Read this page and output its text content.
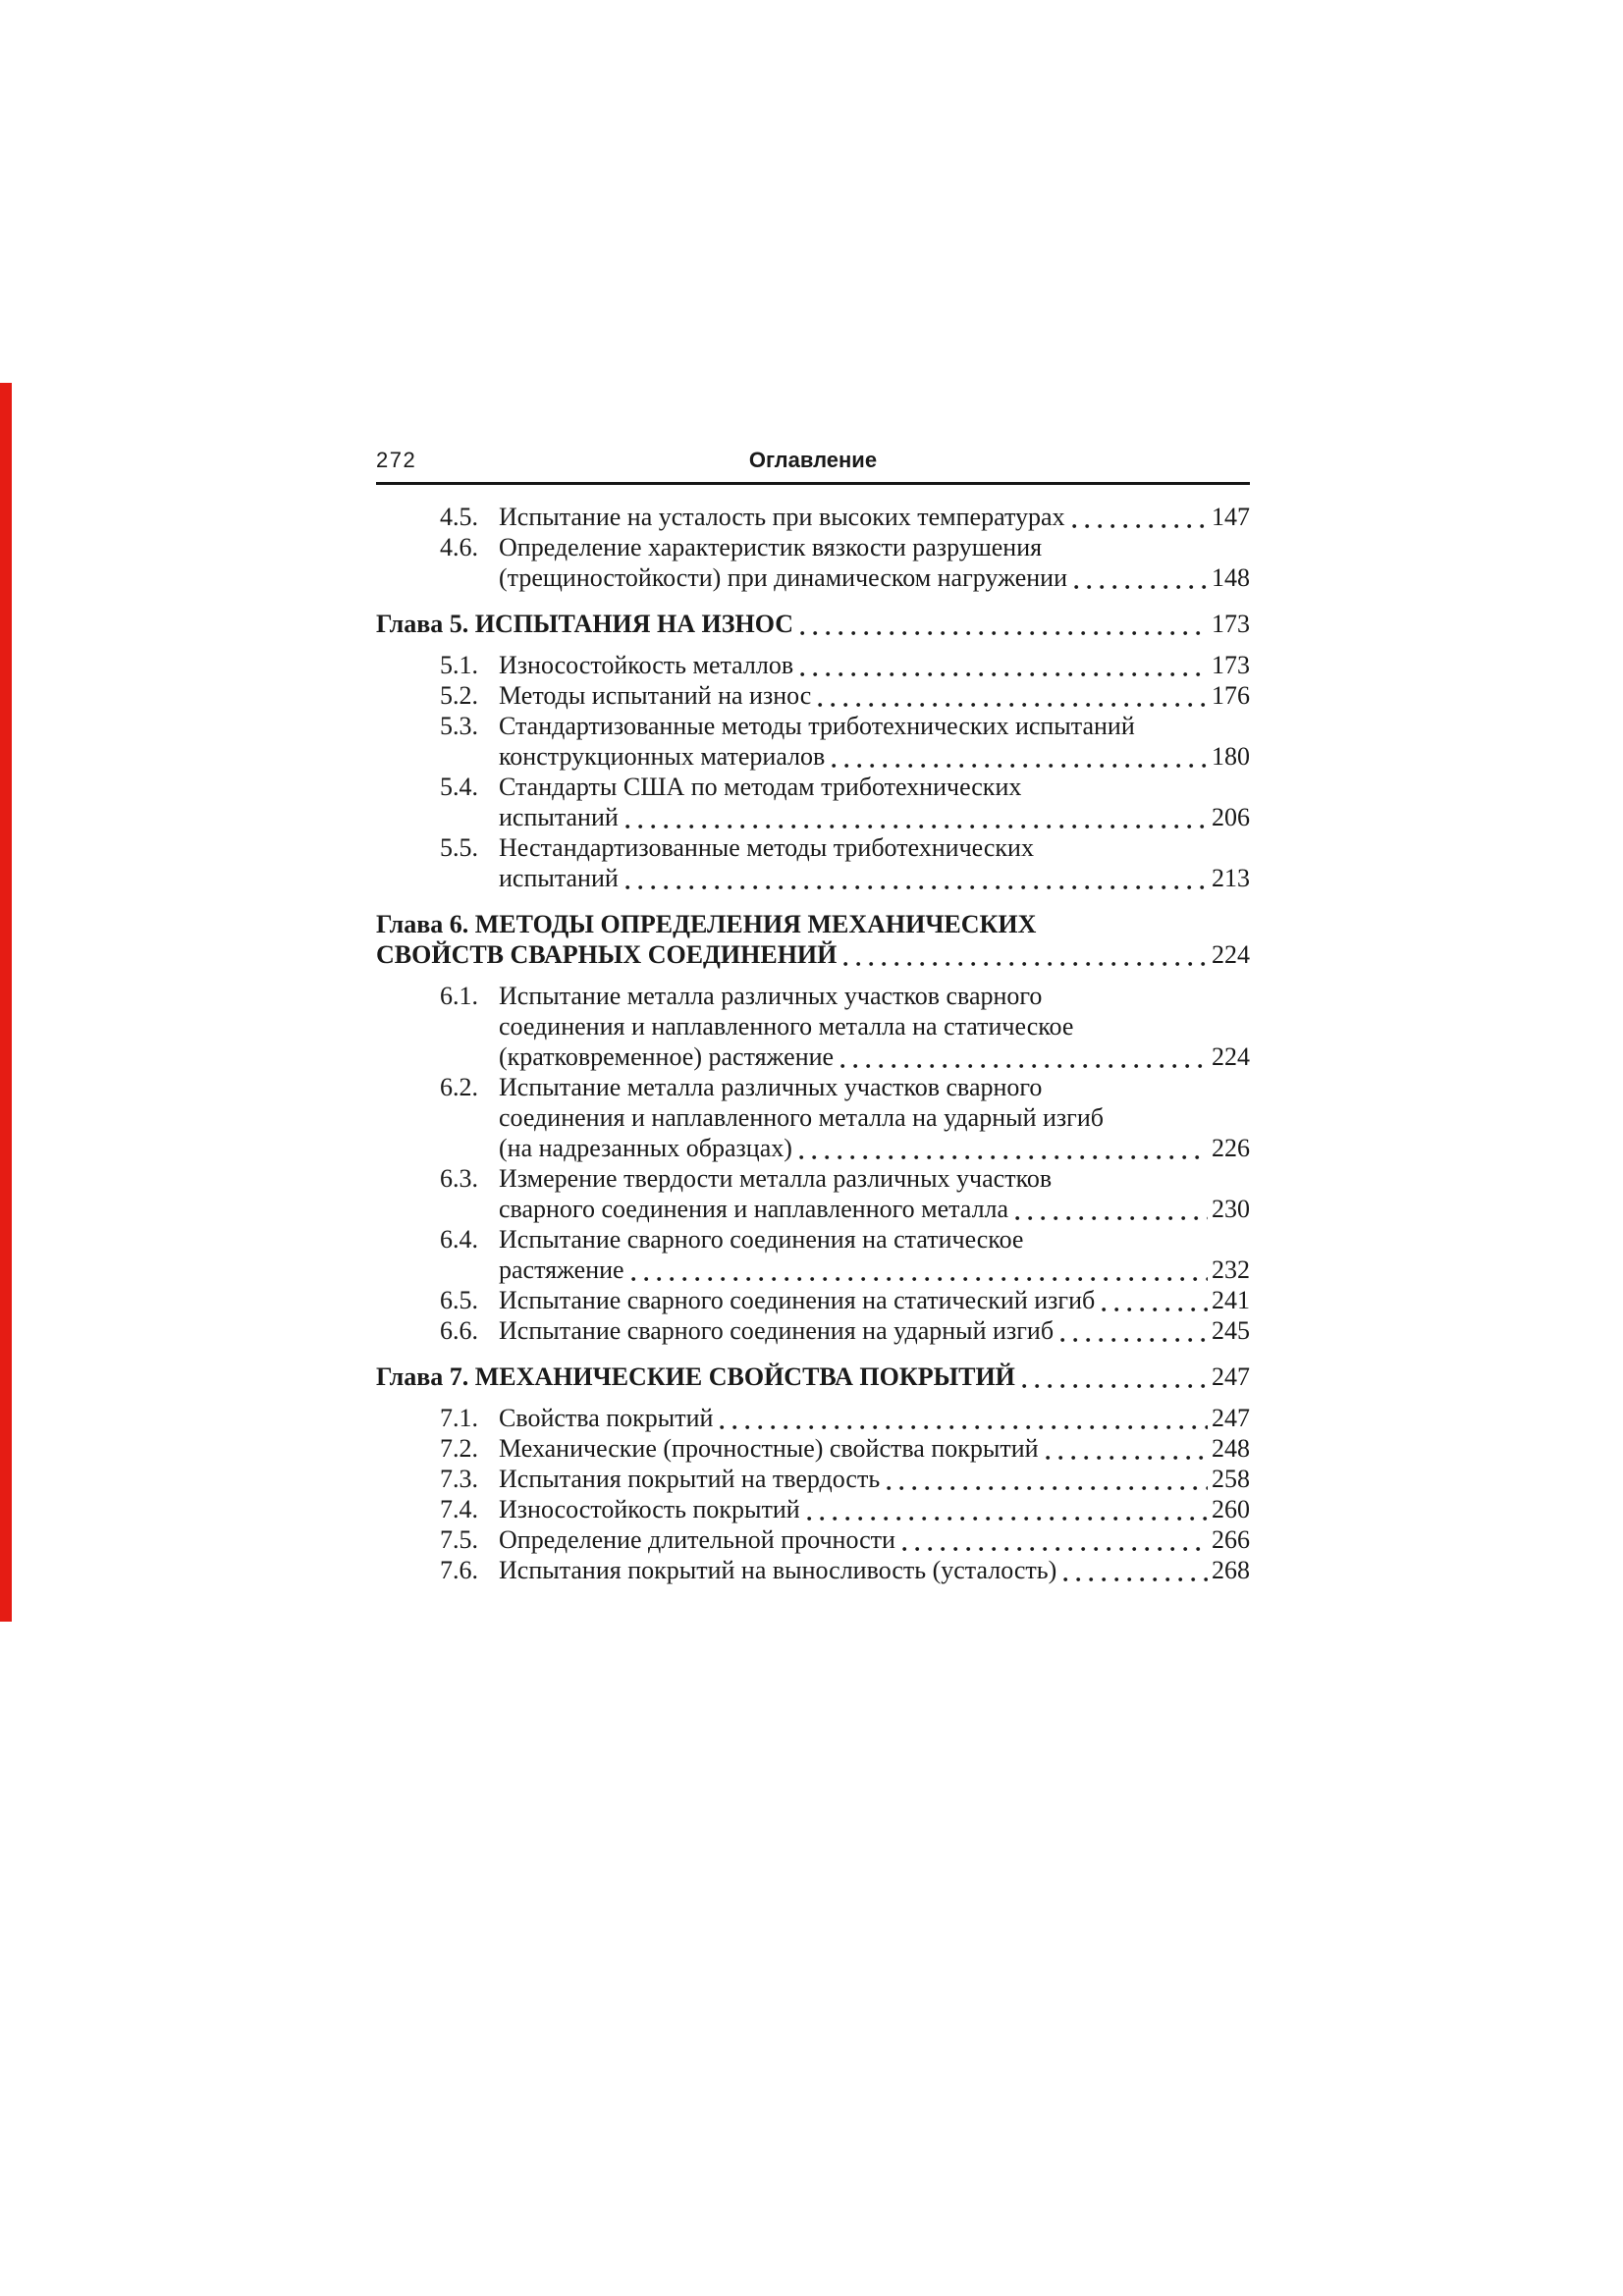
272	Оглавление
4.5. Испытание на усталость при высоких температурах	147
4.6. Определение характеристик вязкости разрушения
(трещиностойкости) при динамическом нагружении	148
Глава 5. ИСПЫТАНИЯ НА ИЗНОС	173
5.1. Износостойкость металлов	173
5.2. Методы испытаний на износ	176
5.3. Стандартизованные методы триботехнических испытаний
конструкционных материалов	180
5.4. Стандарты США по методам триботехнических
испытаний	206
5.5. Нестандартизованные методы триботехнических
испытаний	213
Глава 6. МЕТОДЫ ОПРЕДЕЛЕНИЯ МЕХАНИЧЕСКИХ
СВОЙСТВ СВАРНЫХ СОЕДИНЕНИЙ	224
6.1. Испытание металла различных участков сварного
соединения и наплавленного металла на статическое
(кратковременное) растяжение	224
6.2. Испытание металла различных участков сварного
соединения и наплавленного металла на ударный изгиб
(на надрезанных образцах)	226
6.3. Измерение твердости металла различных участков
сварного соединения и наплавленного металла	230
6.4. Испытание сварного соединения на статическое
растяжение	232
6.5. Испытание сварного соединения на статический изгиб	241
6.6. Испытание сварного соединения на ударный изгиб	245
Глава 7. МЕХАНИЧЕСКИЕ СВОЙСТВА ПОКРЫТИЙ	247
7.1. Свойства покрытий	247
7.2. Механические (прочностные) свойства покрытий	248
7.3. Испытания покрытий на твердость	258
7.4. Износостойкость покрытий	260
7.5. Определение длительной прочности	266
7.6. Испытания покрытий на выносливость (усталость)	268
